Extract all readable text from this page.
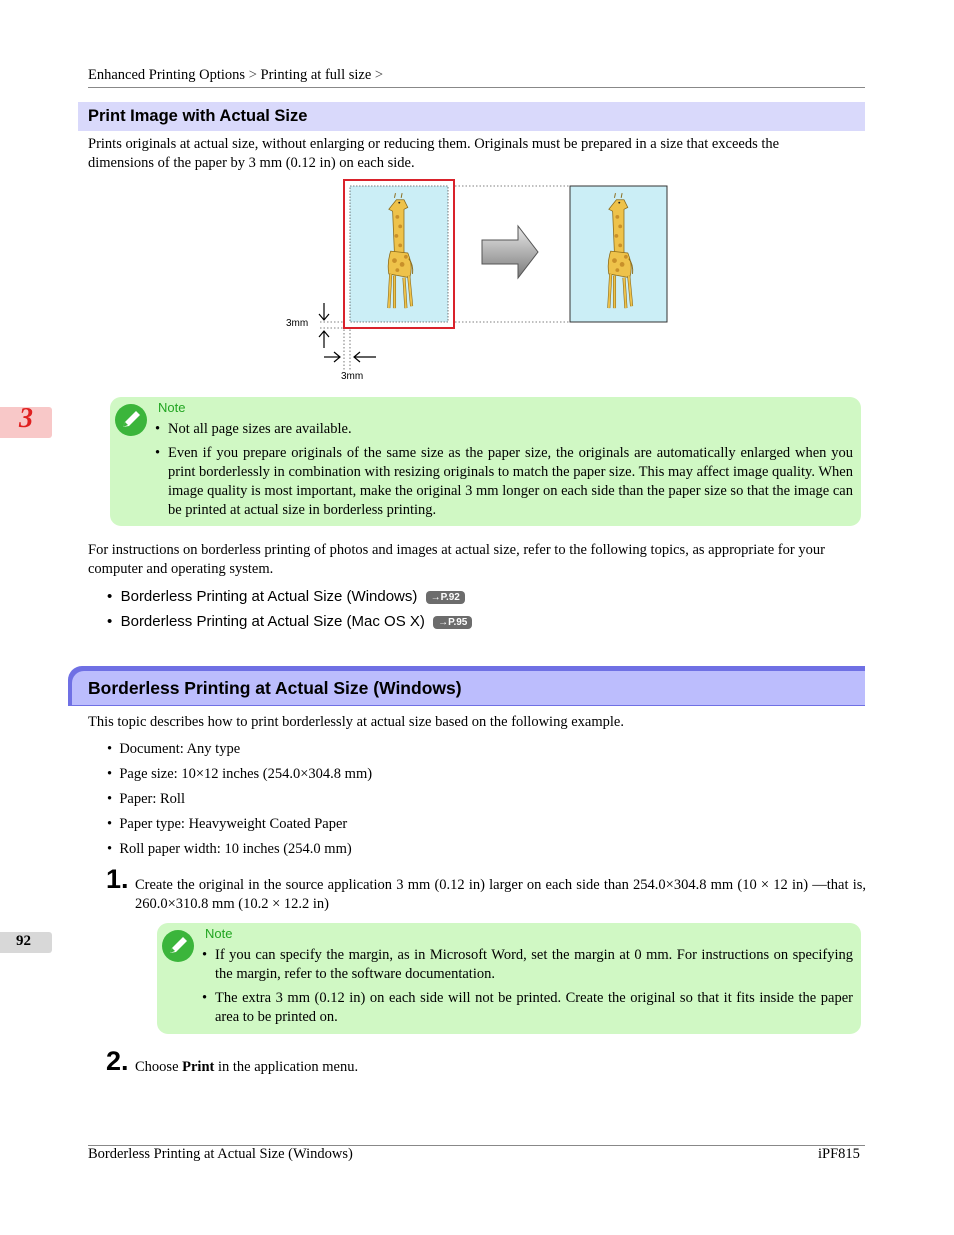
Enhanced Printing Options > Printing at full size >
3
92
Print Image with Actual Size
Prints originals at actual size, without enlarging or reducing them. Originals must be prepared in a size that exceeds the dimensions of the paper by 3 mm (0.12 in) on each side.
3mm
3mm
Note
• Not all page sizes are available.
• Even if you prepare originals of the same size as the paper size, the originals are automatically enlarged when you print borderlessly in combination with resizing originals to match the paper size. This may affect image quality. When image quality is most important, make the original 3 mm longer on each side than the paper size so that the image can be printed at actual size in borderless printing.
For instructions on borderless printing of photos and images at actual size, refer to the following topics, as appropriate for your computer and operating system.
•  Borderless Printing at Actual Size (Windows) →P.92
•  Borderless Printing at Actual Size (Mac OS X) →P.95
Borderless Printing at Actual Size (Windows)
This topic describes how to print borderlessly at actual size based on the following example.
•  Document: Any type
•  Page size: 10×12 inches (254.0×304.8 mm)
•  Paper: Roll
•  Paper type: Heavyweight Coated Paper
•  Roll paper width: 10 inches (254.0 mm)
1. Create the original in the source application 3 mm (0.12 in) larger on each side than 254.0×304.8 mm (10 × 12 in) —that is, 260.0×310.8 mm (10.2 × 12.2 in)
Note
• If you can specify the margin, as in Microsoft Word, set the margin at 0 mm. For instructions on specifying the margin, refer to the software documentation.
• The extra 3 mm (0.12 in) on each side will not be printed. Create the original so that it fits inside the paper area to be printed on.
2. Choose Print in the application menu.
Borderless Printing at Actual Size (Windows)	iPF815
